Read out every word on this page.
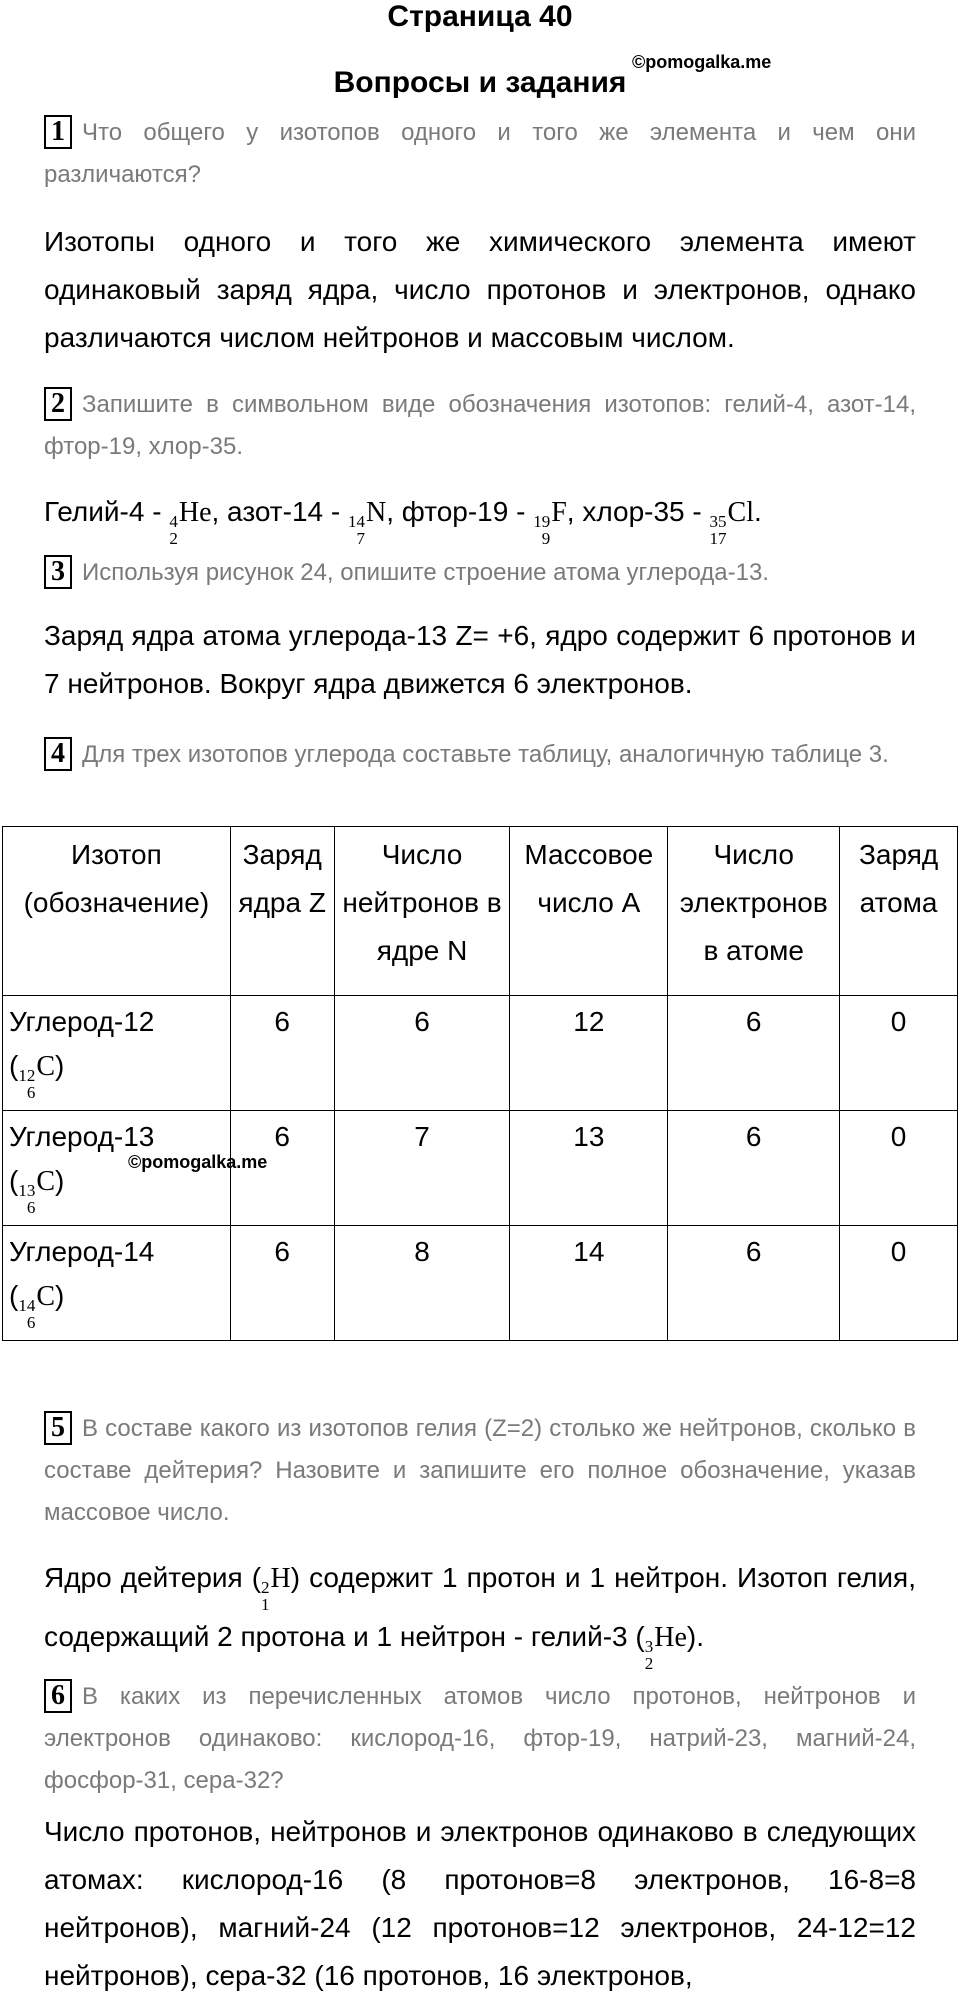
Страница 40
©pomogalka.me
Вопросы и задания
1 Что общего у изотопов одного и того же элемента и чем они различаются?
Изотопы одного и того же химического элемента имеют одинаковый заряд ядра, число протонов и электронов, однако различаются числом нейтронов и массовым числом.
2 Запишите в символьном виде обозначения изотопов: гелий-4, азот-14, фтор-19, хлор-35.
Гелий-4 - 4
2
He, азот-14 - 14
7
N, фтор-19 - 19
9
F, хлор-35 - 35
17
Cl.
3 Используя рисунок 24, опишите строение атома углерода-13.
Заряд ядра атома углерода-13 Z= +6, ядро содержит 6 протонов и 7 нейтронов. Вокруг ядра движется 6 электронов.
4 Для трех изотопов углерода составьте таблицу, аналогичную таблице 3.
Изотоп (обозначение)	Заряд ядра Z	Число нейтронов в ядре N	Массовое число A	Число электронов в атоме	Заряд атома

Углерод-12
( 12
6
C)	6	6	12	6	0

Углерод-13
( 13
6
C)	6	7	13	6	0

Углерод-14
( 14
6
C)	6	8	14	6	0
©pomogalka.me
5 В составе какого из изотопов гелия (Z=2) столько же нейтронов, сколько в составе дейтерия? Назовите и запишите его полное обозначение, указав массовое число.
Ядро дейтерия ( 2
1
H) содержит 1 протон и 1 нейтрон. Изотоп гелия, содержащий 2 протона и 1 нейтрон - гелий-3 ( 3
2
He).
6 В каких из перечисленных атомов число протонов, нейтронов и электронов одинаково: кислород-16, фтор-19, натрий-23, магний-24, фосфор-31, сера-32?
Число протонов, нейтронов и электронов одинаково в следующих атомах: кислород-16 (8 протонов=8 электронов, 16-8=8 нейтронов), магний-24 (12 протонов=12 электронов, 24-12=12 нейтронов), сера-32 (16 протонов, 16 электронов,
